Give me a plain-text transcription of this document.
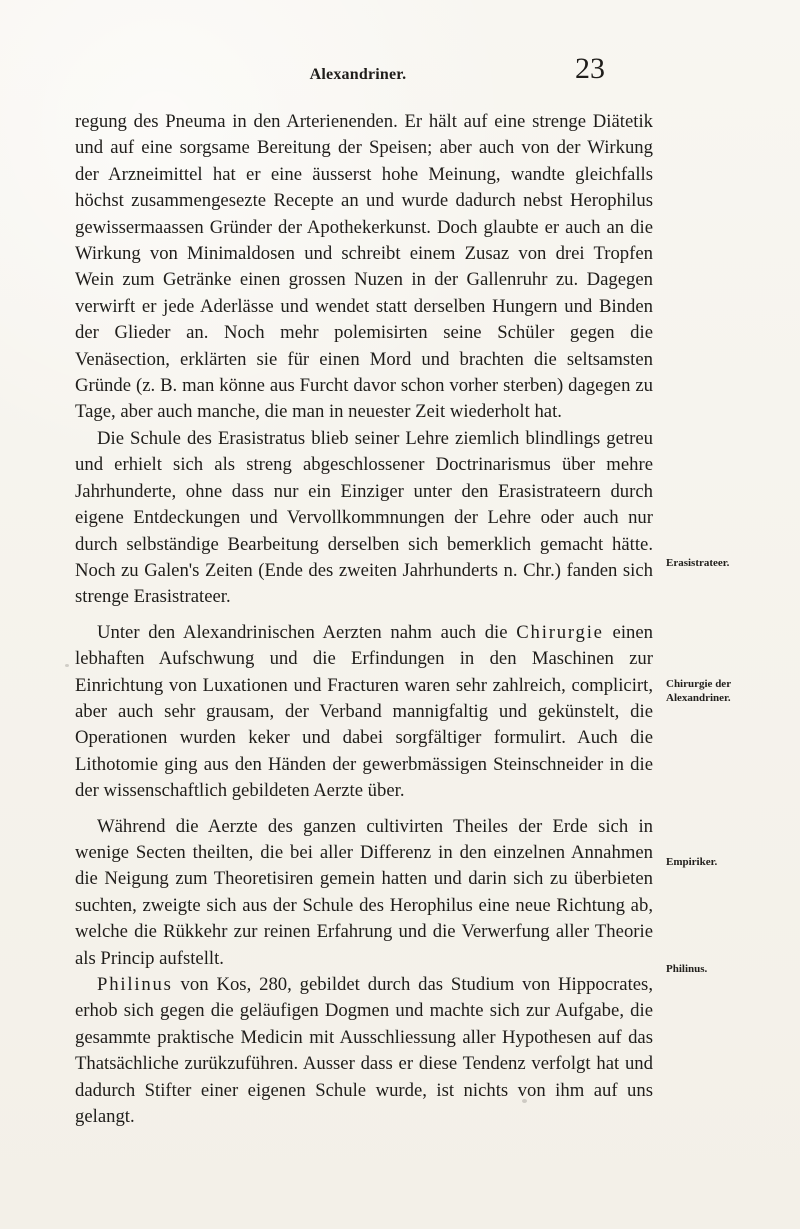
Alexandriner.	23

regung des Pneuma in den Arterienenden. Er hält auf eine strenge Diätetik und auf eine sorgsame Bereitung der Speisen; aber auch von der Wirkung der Arzneimittel hat er eine äusserst hohe Meinung, wandte gleichfalls höchst zusammengesezte Recepte an und wurde dadurch nebst Herophilus gewissermaassen Gründer der Apothekerkunst. Doch glaubte er auch an die Wirkung von Minimaldosen und schreibt einem Zusaz von drei Tropfen Wein zum Getränke einen grossen Nuzen in der Gallenruhr zu. Dagegen verwirft er jede Aderlässe und wendet statt derselben Hungern und Binden der Glieder an. Noch mehr polemisirten seine Schüler gegen die Venäsection, erklärten sie für einen Mord und brachten die seltsamsten Gründe (z. B. man könne aus Furcht davor schon vorher sterben) dagegen zu Tage, aber auch manche, die man in neuester Zeit wiederholt hat.

Die Schule des Erasistratus blieb seiner Lehre ziemlich blindlings getreu und erhielt sich als streng abgeschlossener Doctrinarismus über mehre Jahrhunderte, ohne dass nur ein Einziger unter den Erasistrateern durch eigene Entdeckungen und Vervollkommnungen der Lehre oder auch nur durch selbständige Bearbeitung derselben sich bemerklich gemacht hätte. Noch zu Galen's Zeiten (Ende des zweiten Jahrhunderts n. Chr.) fanden sich strenge Erasistrateer.

Unter den Alexandrinischen Aerzten nahm auch die Chirurgie einen lebhaften Aufschwung und die Erfindungen in den Maschinen zur Einrichtung von Luxationen und Fracturen waren sehr zahlreich, complicirt, aber auch sehr grausam, der Verband mannigfaltig und gekünstelt, die Operationen wurden keker und dabei sorgfältiger formulirt. Auch die Lithotomie ging aus den Händen der gewerbmässigen Steinschneider in die der wissenschaftlich gebildeten Aerzte über.

Während die Aerzte des ganzen cultivirten Theiles der Erde sich in wenige Secten theilten, die bei aller Differenz in den einzelnen Annahmen die Neigung zum Theoretisiren gemein hatten und darin sich zu überbieten suchten, zweigte sich aus der Schule des Herophilus eine neue Richtung ab, welche die Rükkehr zur reinen Erfahrung und die Verwerfung aller Theorie als Princip aufstellt.

Philinus von Kos, 280, gebildet durch das Studium von Hippocrates, erhob sich gegen die geläufigen Dogmen und machte sich zur Aufgabe, die gesammte praktische Medicin mit Ausschliessung aller Hypothesen auf das Thatsächliche zurükzuführen. Ausser dass er diese Tendenz verfolgt hat und dadurch Stifter einer eigenen Schule wurde, ist nichts von ihm auf uns gelangt.

Erasistrateer.
Chirurgie der Alexandriner.
Empiriker.
Philinus.
